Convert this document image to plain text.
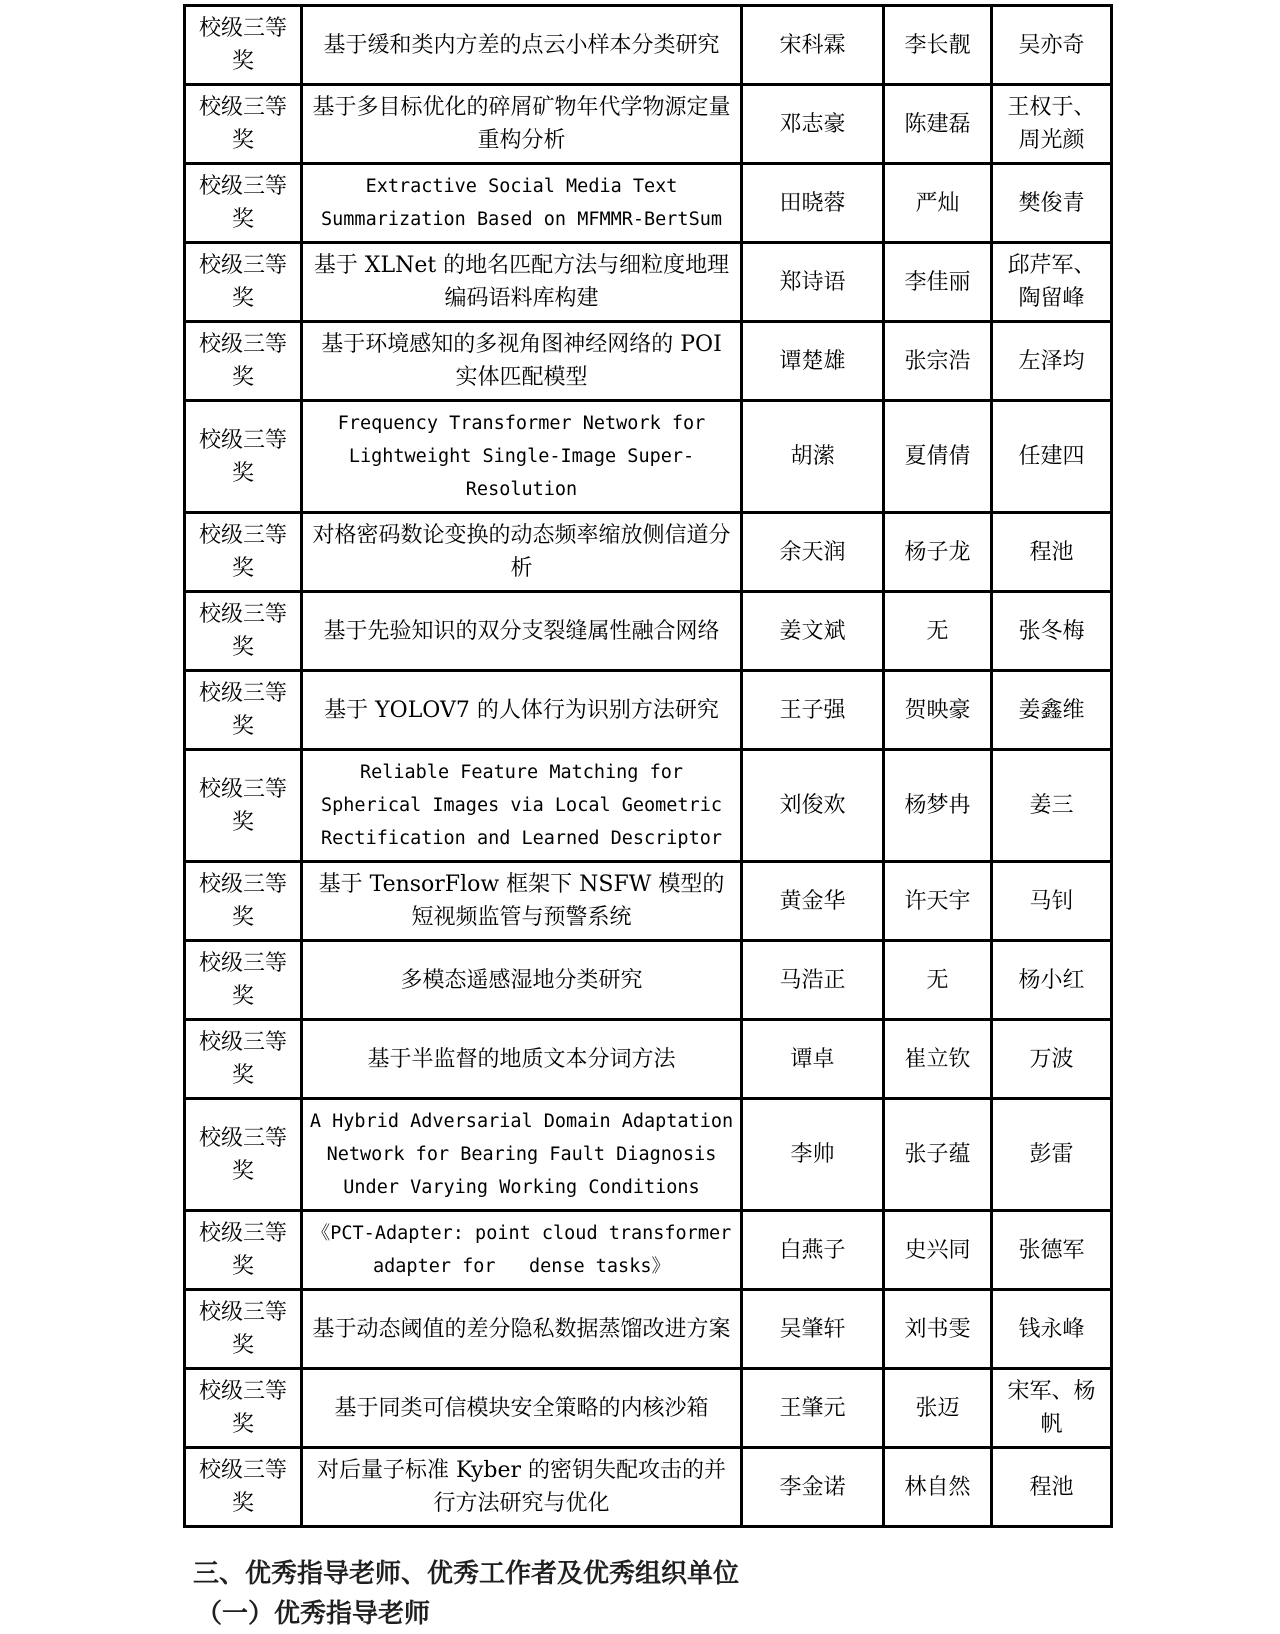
校级三等奖	基于缓和类内方差的点云小样本分类研究	宋科霖	李长靓	吴亦奇
校级三等奖	基于多目标优化的碎屑矿物年代学物源定量重构分析	邓志豪	陈建磊	王权于、周光颜
校级三等奖	Extractive Social Media Text Summarization Based on MFMMR-BertSum	田晓蓉	严灿	樊俊青
校级三等奖	基于 XLNet 的地名匹配方法与细粒度地理编码语料库构建	郑诗语	李佳丽	邱芹军、陶留峰
校级三等奖	基于环境感知的多视角图神经网络的 POI 实体匹配模型	谭楚雄	张宗浩	左泽均
校级三等奖	Frequency Transformer Network for Lightweight Single-Image Super-Resolution	胡潆	夏倩倩	任建四
校级三等奖	对格密码数论变换的动态频率缩放侧信道分析	余天润	杨子龙	程池
校级三等奖	基于先验知识的双分支裂缝属性融合网络	姜文斌	无	张冬梅
校级三等奖	基于 YOLOV7 的人体行为识别方法研究	王子强	贺映豪	姜鑫维
校级三等奖	Reliable Feature Matching for Spherical Images via Local Geometric Rectification and Learned Descriptor	刘俊欢	杨梦冉	姜三
校级三等奖	基于 TensorFlow 框架下 NSFW 模型的短视频监管与预警系统	黄金华	许天宇	马钊
校级三等奖	多模态遥感湿地分类研究	马浩正	无	杨小红
校级三等奖	基于半监督的地质文本分词方法	谭卓	崔立钦	万波
校级三等奖	A Hybrid Adversarial Domain Adaptation Network for Bearing Fault Diagnosis Under Varying Working Conditions	李帅	张子蕴	彭雷
校级三等奖	《PCT-Adapter: point cloud transformer adapter for   dense tasks》	白燕子	史兴同	张德军
校级三等奖	基于动态阈值的差分隐私数据蒸馏改进方案	吴肇轩	刘书雯	钱永峰
校级三等奖	基于同类可信模块安全策略的内核沙箱	王肇元	张迈	宋军、杨帆
校级三等奖	对后量子标准 Kyber 的密钥失配攻击的并行方法研究与优化	李金诺	林自然	程池

三、优秀指导老师、优秀工作者及优秀组织单位

（一）优秀指导老师
